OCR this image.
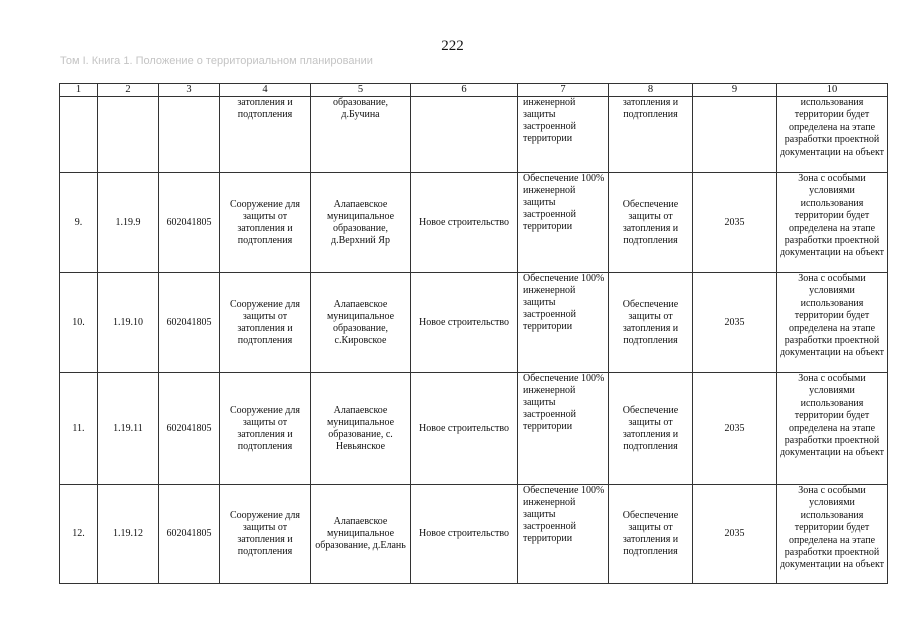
222
Том I. Книга 1. Положение о территориальном планировании
1	2	3	4	5	6	7	8	9	10
			затопления и подтопления	образование, д.Бучина		инженерной защиты застроенной территории	затопления и подтопления		использования территории будет определена на этапе разработки проектной документации на объект
9.	1.19.9	602041805	Сооружение для защиты от затопления и подтопления	Алапаевское муниципальное образование, д.Верхний Яр	Новое строительство	Обеспечение 100% инженерной защиты застроенной территории	Обеспечение защиты от затопления и подтопления	2035	Зона с особыми условиями использования территории будет определена на этапе разработки проектной документации на объект
10.	1.19.10	602041805	Сооружение для защиты от затопления и подтопления	Алапаевское муниципальное образование, с.Кировское	Новое строительство	Обеспечение 100% инженерной защиты застроенной территории	Обеспечение защиты от затопления и подтопления	2035	Зона с особыми условиями использования территории будет определена на этапе разработки проектной документации на объект
11.	1.19.11	602041805	Сооружение для защиты от затопления и подтопления	Алапаевское муниципальное образование, с. Невьянское	Новое строительство	Обеспечение 100% инженерной защиты застроенной территории	Обеспечение защиты от затопления и подтопления	2035	Зона с особыми условиями использования территории будет определена на этапе разработки проектной документации на объект
12.	1.19.12	602041805	Сооружение для защиты от затопления и подтопления	Алапаевское муниципальное образование, д.Елань	Новое строительство	Обеспечение 100% инженерной защиты застроенной территории	Обеспечение защиты от затопления и подтопления	2035	Зона с особыми условиями использования территории будет определена на этапе разработки проектной документации на объект
